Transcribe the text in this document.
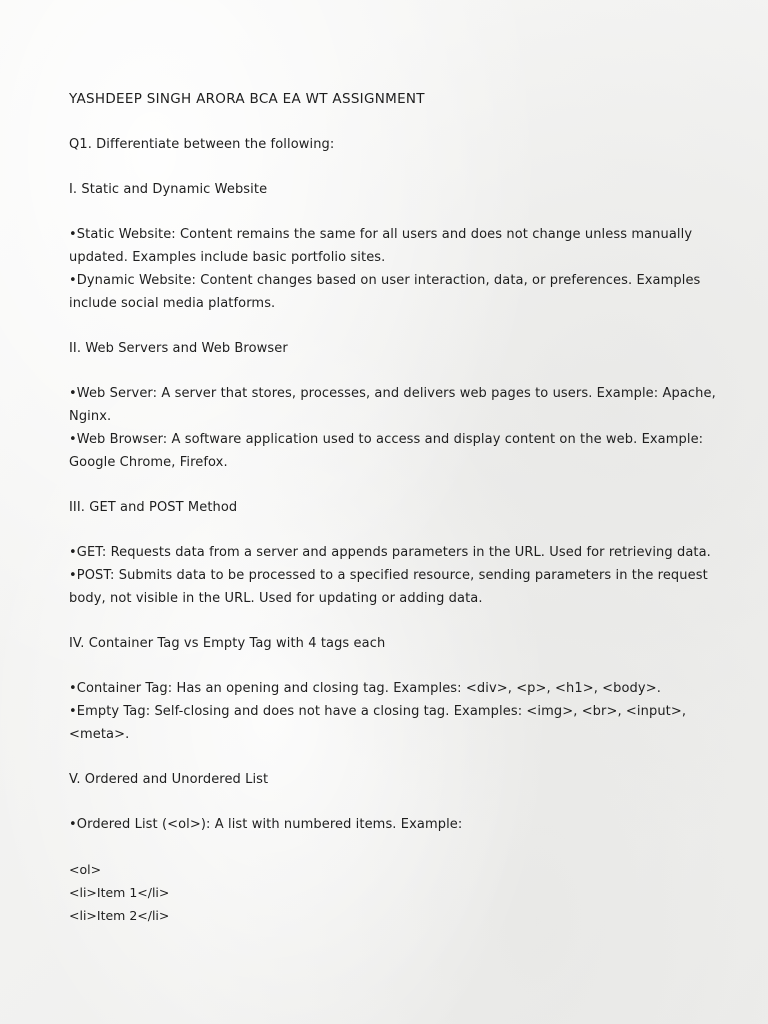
YASHDEEP SINGH ARORA BCA EA WT ASSIGNMENT
Q1. Differentiate between the following:
I. Static and Dynamic Website
•Static Website: Content remains the same for all users and does not change unless manually updated. Examples include basic portfolio sites.
•Dynamic Website: Content changes based on user interaction, data, or preferences. Examples include social media platforms.
II. Web Servers and Web Browser
•Web Server: A server that stores, processes, and delivers web pages to users. Example: Apache, Nginx.
•Web Browser: A software application used to access and display content on the web. Example: Google Chrome, Firefox.
III. GET and POST Method
•GET: Requests data from a server and appends parameters in the URL. Used for retrieving data.
•POST: Submits data to be processed to a specified resource, sending parameters in the request body, not visible in the URL. Used for updating or adding data.
IV. Container Tag vs Empty Tag with 4 tags each
•Container Tag: Has an opening and closing tag. Examples: <div>, <p>, <h1>, <body>.
•Empty Tag: Self-closing and does not have a closing tag. Examples: <img>, <br>, <input>, <meta>.
V. Ordered and Unordered List
•Ordered List (<ol>): A list with numbered items. Example:
<ol>
<li>Item 1</li>
<li>Item 2</li>
